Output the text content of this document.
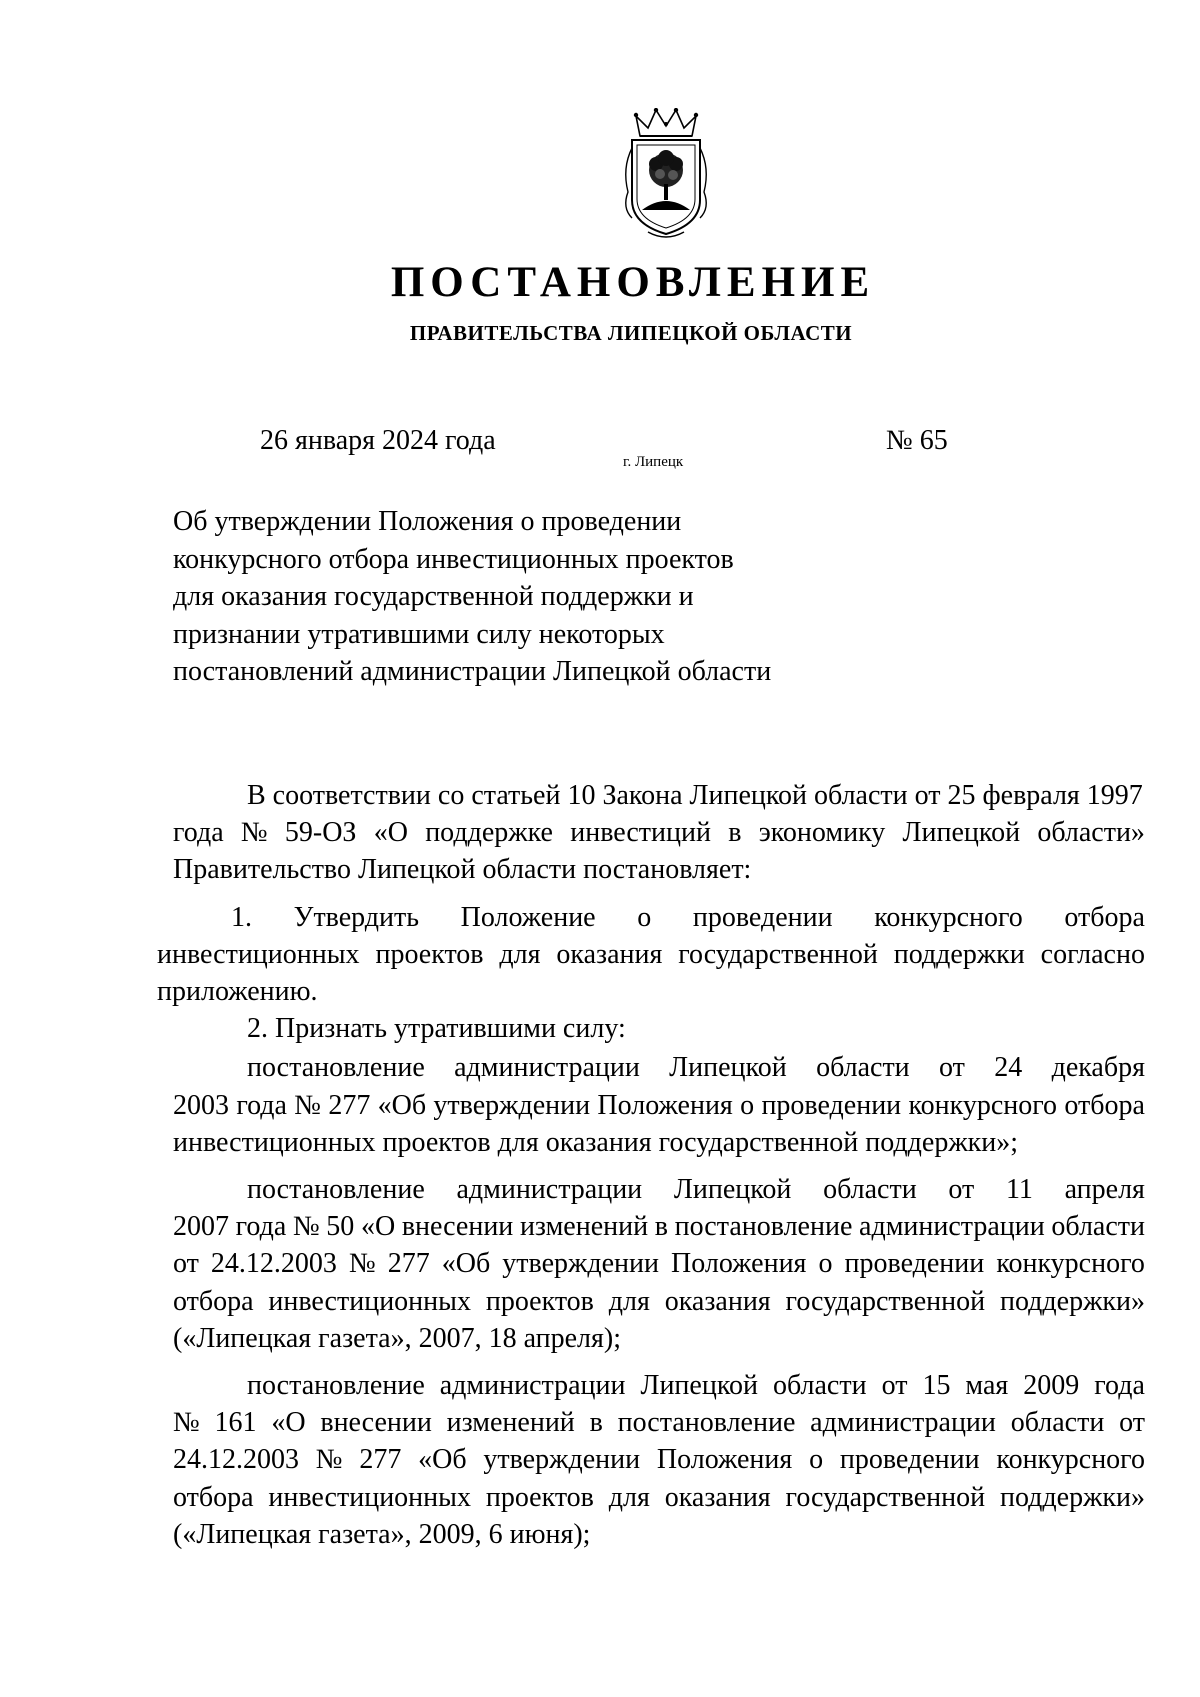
ПОСТАНОВЛЕНИЕ
ПРАВИТЕЛЬСТВА ЛИПЕЦКОЙ ОБЛАСТИ
26 января 2024 года
г. Липецк
№ 65
Об утверждении Положения о проведении
конкурсного отбора инвестиционных проектов
для оказания государственной поддержки и
признании утратившими силу некоторых
постановлений администрации Липецкой области
В соответствии со статьей 10 Закона Липецкой области от 25 февраля 1997
года № 59-ОЗ «О поддержке инвестиций в экономику Липецкой области»
Правительство Липецкой области постановляет:
1. Утвердить Положение о проведении конкурсного отбора
инвестиционных проектов для оказания государственной поддержки согласно
приложению.
2. Признать утратившими силу:
постановление администрации Липецкой области от 24 декабря
2003 года № 277 «Об утверждении Положения о проведении конкурсного отбора
инвестиционных проектов для оказания государственной поддержки»;
постановление администрации Липецкой области от 11 апреля
2007 года № 50 «О внесении изменений в постановление администрации области
от 24.12.2003 № 277 «Об утверждении Положения о проведении конкурсного
отбора инвестиционных проектов для оказания государственной поддержки»
(«Липецкая газета», 2007, 18 апреля);
постановление администрации Липецкой области от 15 мая 2009 года
№ 161 «О внесении изменений в постановление администрации области от
24.12.2003 № 277 «Об утверждении Положения о проведении конкурсного
отбора инвестиционных проектов для оказания государственной поддержки»
(«Липецкая газета», 2009, 6 июня);
